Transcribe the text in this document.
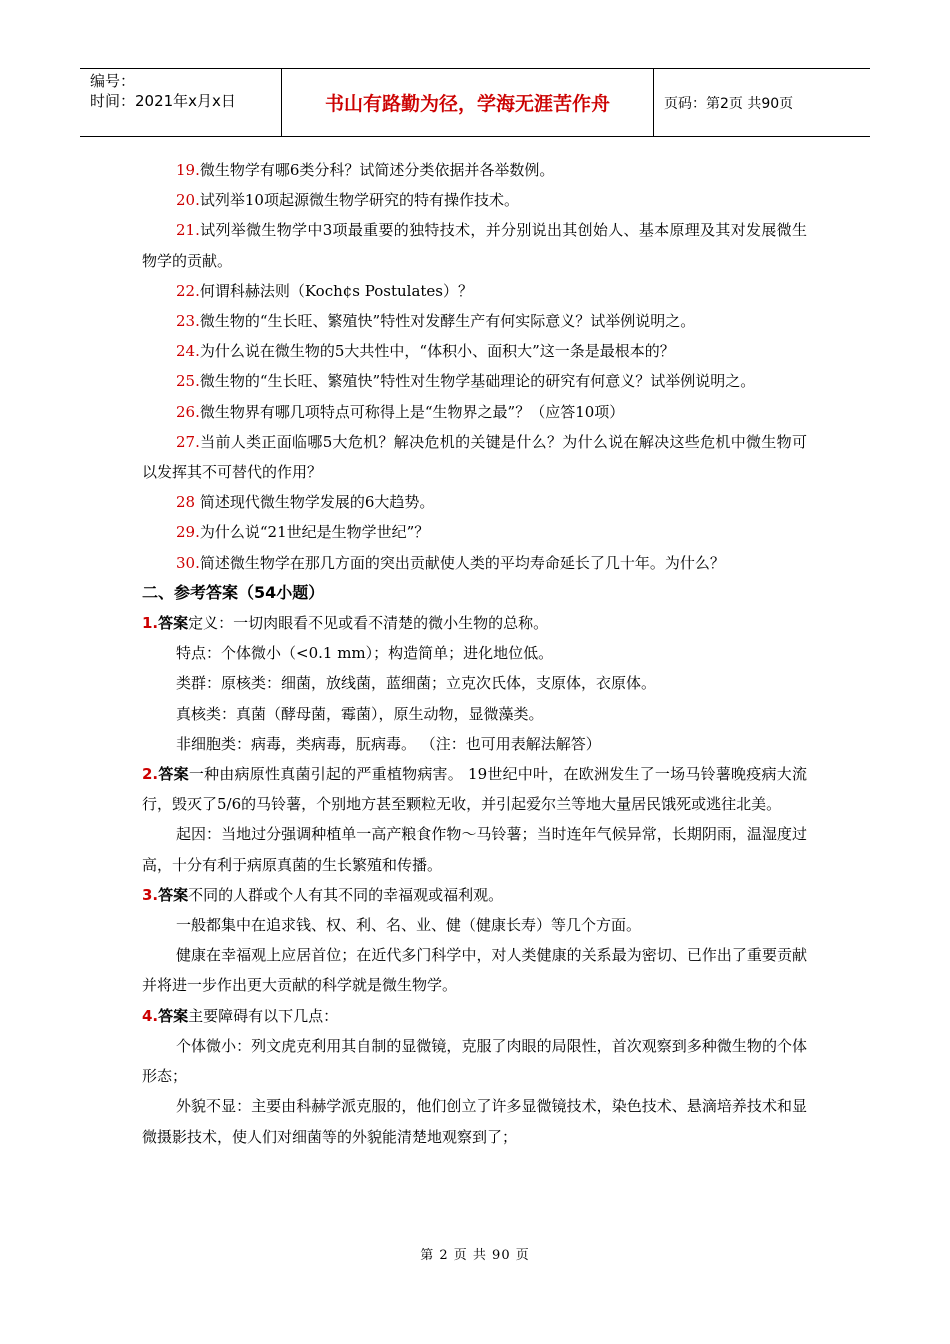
编号：
时间：2021年x月x日	书山有路勤为径，学海无涯苦作舟	页码：第2页 共90页

19.微生物学有哪6类分科？试简述分类依据并各举数例。

20.试列举10项起源微生物学研究的特有操作技术。

21.试列举微生物学中3项最重要的独特技术，并分别说出其创始人、基本原理及其对发展微生物学的贡献。

22.何谓科赫法则（Koch¢s Postulates）？

23.微生物的“生长旺、繁殖快”特性对发酵生产有何实际意义？试举例说明之。

24.为什么说在微生物的5大共性中，“体积小、面积大”这一条是最根本的？

25.微生物的“生长旺、繁殖快”特性对生物学基础理论的研究有何意义？试举例说明之。

26.微生物界有哪几项特点可称得上是“生物界之最”？（应答10项）

27.当前人类正面临哪5大危机？解决危机的关键是什么？为什么说在解决这些危机中微生物可以发挥其不可替代的作用？

28 简述现代微生物学发展的6大趋势。

29.为什么说“21世纪是生物学世纪”？

30.简述微生物学在那几方面的突出贡献使人类的平均寿命延长了几十年。为什么？

二、参考答案（54小题）

1.答案定义：一切肉眼看不见或看不清楚的微小生物的总称。

特点：个体微小（<0.1 mm）；构造简单；进化地位低。

类群：原核类：细菌，放线菌，蓝细菌；立克次氏体，支原体，衣原体。

真核类：真菌（酵母菌，霉菌），原生动物，显微藻类。

非细胞类：病毒，类病毒，朊病毒。 （注：也可用表解法解答）

2.答案一种由病原性真菌引起的严重植物病害。 19世纪中叶，在欧洲发生了一场马铃薯晚疫病大流行，毁灭了5/6的马铃薯，个别地方甚至颗粒无收，并引起爱尔兰等地大量居民饿死或逃往北美。

起因：当地过分强调种植单一高产粮食作物～马铃薯；当时连年气候异常，长期阴雨，温湿度过高，十分有利于病原真菌的生长繁殖和传播。

3.答案不同的人群或个人有其不同的幸福观或福利观。

一般都集中在追求钱、权、利、名、业、健（健康长寿）等几个方面。

健康在幸福观上应居首位；在近代多门科学中，对人类健康的关系最为密切、已作出了重要贡献并将进一步作出更大贡献的科学就是微生物学。

4.答案主要障碍有以下几点：

个体微小：列文虎克利用其自制的显微镜，克服了肉眼的局限性，首次观察到多种微生物的个体形态；

外貌不显：主要由科赫学派克服的，他们创立了许多显微镜技术，染色技术、悬滴培养技术和显微摄影技术，使人们对细菌等的外貌能清楚地观察到了；

第 2 页 共 90 页
